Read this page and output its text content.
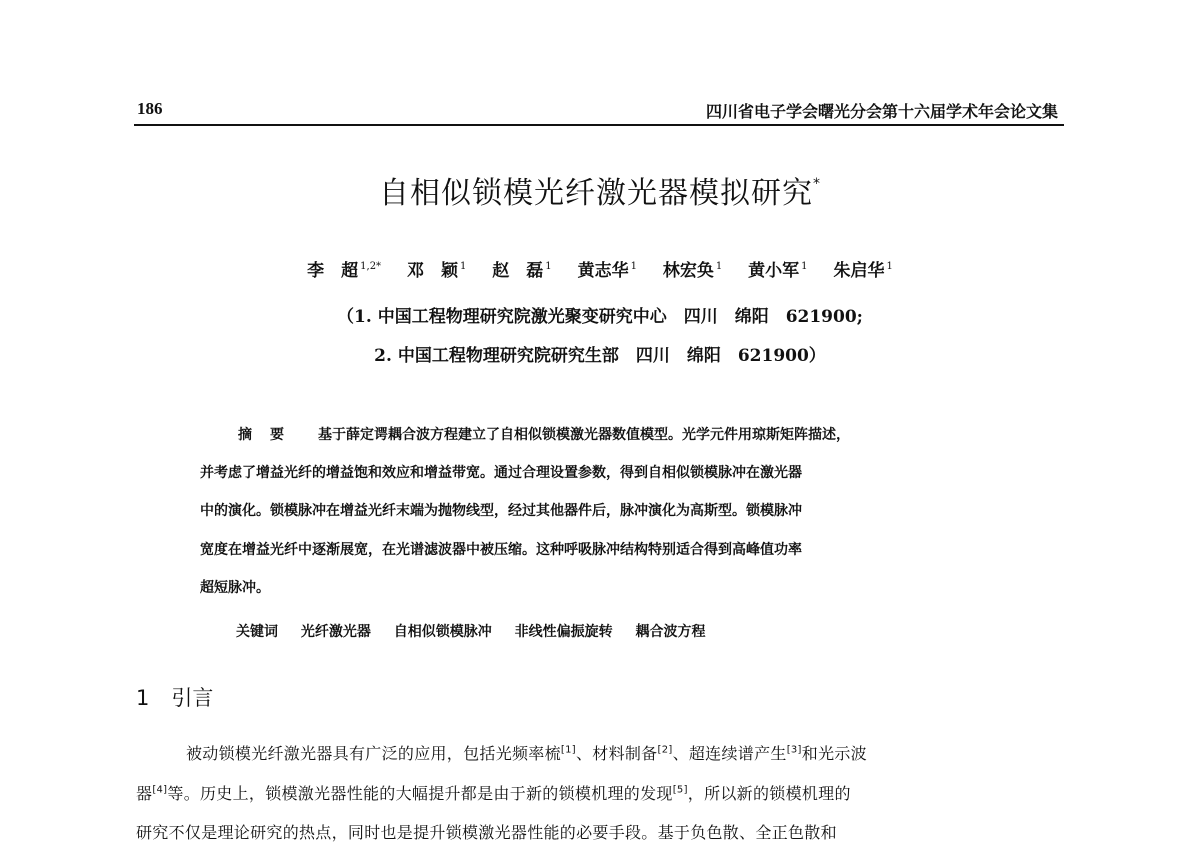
186	四川省电子学会曙光分会第十六届学术年会论文集
自相似锁模光纤激光器模拟研究*
李　超 $^{1,2*}$ 邓　颖 $^1$ 赵　磊 $^1$ 黄志华 $^1$ 林宏奂 $^1$ 黄小军 $^1$ 朱启华 $^1$
（1. 中国工程物理研究院激光聚变研究中心　四川　绵阳　621900;
2. 中国工程物理研究院研究生部　四川　绵阳　621900）
摘要 基于薛定谔耦合波方程建立了自相似锁模激光器数值模型。光学元件用琼斯矩阵描述，
并考虑了增益光纤的增益饱和效应和增益带宽。通过合理设置参数，得到自相似锁模脉冲在激光器
中的演化。锁模脉冲在增益光纤末端为抛物线型，经过其他器件后，脉冲演化为高斯型。锁模脉冲
宽度在增益光纤中逐渐展宽，在光谱滤波器中被压缩。这种呼吸脉冲结构特别适合得到高峰值功率
超短脉冲。
关键词 光纤激光器 自相似锁模脉冲 非线性偏振旋转 耦合波方程
1 引言
被动锁模光纤激光器具有广泛的应用，包括光频率梳[1]、材料制备[2]、超连续谱产生[3]和光示波
器[4]等。历史上，锁模激光器性能的大幅提升都是由于新的锁模机理的发现[5]，所以新的锁模机理的
研究不仅是理论研究的热点，同时也是提升锁模激光器性能的必要手段。基于负色散、全正色散和
